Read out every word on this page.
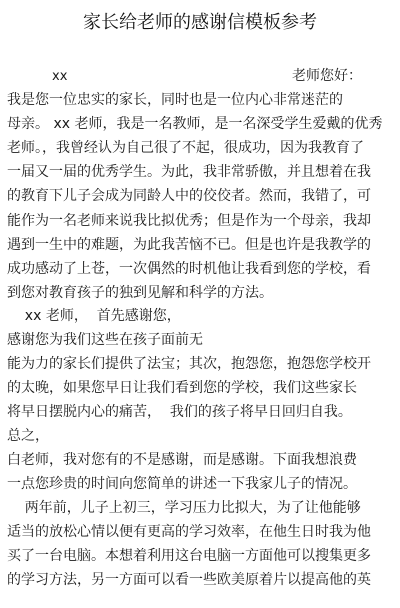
家长给老师的感谢信模板参考
xx	老师您好：
我是您一位忠实的家长，同时也是一位内心非常迷茫的
母亲。 xx 老师，我是一名教师，是一名深受学生爱戴的优秀
老师。，我曾经认为自己很了不起，很成功，因为我教育了
一届又一届的优秀学生。为此，我非常骄傲，并且想着在我
的教育下儿子会成为同龄人中的佼佼者。然而，我错了，可
能作为一名老师来说我比拟优秀；但是作为一个母亲，我却
遇到一生中的难题，为此我苦恼不已。但是也许是我教学的
成功感动了上苍，一次偶然的时机他让我看到您的学校，看
到您对教育孩子的独到见解和科学的方法。
xx 老师，  首先感谢您，
感谢您为我们这些在孩子面前无
能为力的家长们提供了法宝；其次，抱怨您，抱怨您学校开
的太晚，如果您早日让我们看到您的学校，我们这些家长
将早日摆脱内心的痛苦，  我们的孩子将早日回归自我。
总之，
白老师，我对您有的不是感谢，而是感谢。下面我想浪费
一点您珍贵的时间向您简单的讲述一下我家儿子的情况。
两年前，儿子上初三，学习压力比拟大，为了让他能够
适当的放松心情以便有更高的学习效率，在他生日时我为他
买了一台电脑。本想着利用这台电脑一方面他可以搜集更多
的学习方法，另一方面可以看一些欧美原着片以提高他的英
